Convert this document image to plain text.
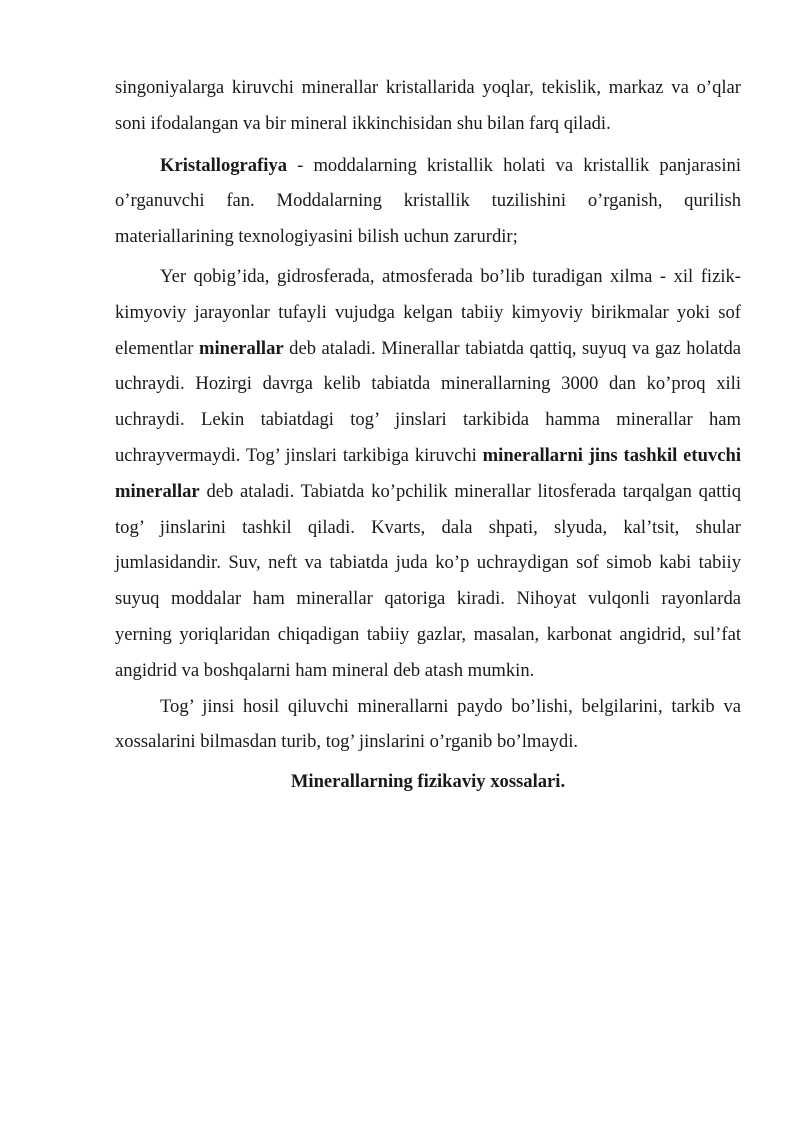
singoniyalarga kiruvchi minerallar kristallarida yoqlar, tekislik, markaz va o’qlar soni ifodalangan va bir mineral ikkinchisidan shu bilan farq qiladi.

Kristallografiya - moddalarning kristallik holati va kristallik panjarasini o’rganuvchi fan. Moddalarning kristallik tuzilishini o’rganish, qurilish materiallarining texnologiyasini bilish uchun zarurdir;

Yer qobig’ida, gidrosferada, atmosferada bo’lib turadigan xilma - xil fizik- kimyoviy jarayonlar tufayli vujudga kelgan tabiiy kimyoviy birikmalar yoki sof elementlar minerallar deb ataladi. Minerallar tabiatda qattiq, suyuq va gaz holatda uchraydi. Hozirgi davrga kelib tabiatda minerallarning 3000 dan ko’proq xili uchraydi. Lekin tabiatdagi tog’ jinslari tarkibida hamma minerallar ham uchrayvermaydi. Tog’ jinslari tarkibiga kiruvchi minerallarni jins tashkil etuvchi minerallar deb ataladi. Tabiatda ko’pchilik minerallar litosferada tarqalgan qattiq tog’ jinslarini tashkil qiladi. Kvarts, dala shpati, slyuda, kal’tsit, shular jumlasidandir. Suv, neft va tabiatda juda ko’p uchraydigan sof simob kabi tabiiy suyuq moddalar ham minerallar qatoriga kiradi. Nihoyat vulqonli rayonlarda yerning yoriqlaridan chiqadigan tabiiy gazlar, masalan, karbonat angidrid, sul’fat angidrid va boshqalarni ham mineral deb atash mumkin.

Tog’ jinsi hosil qiluvchi minerallarni paydo bo’lishi, belgilarini, tarkib va xossalarini bilmasdan turib, tog’ jinslarini o’rganib bo’lmaydi.

Minerallarning fizikaviy xossalari.
